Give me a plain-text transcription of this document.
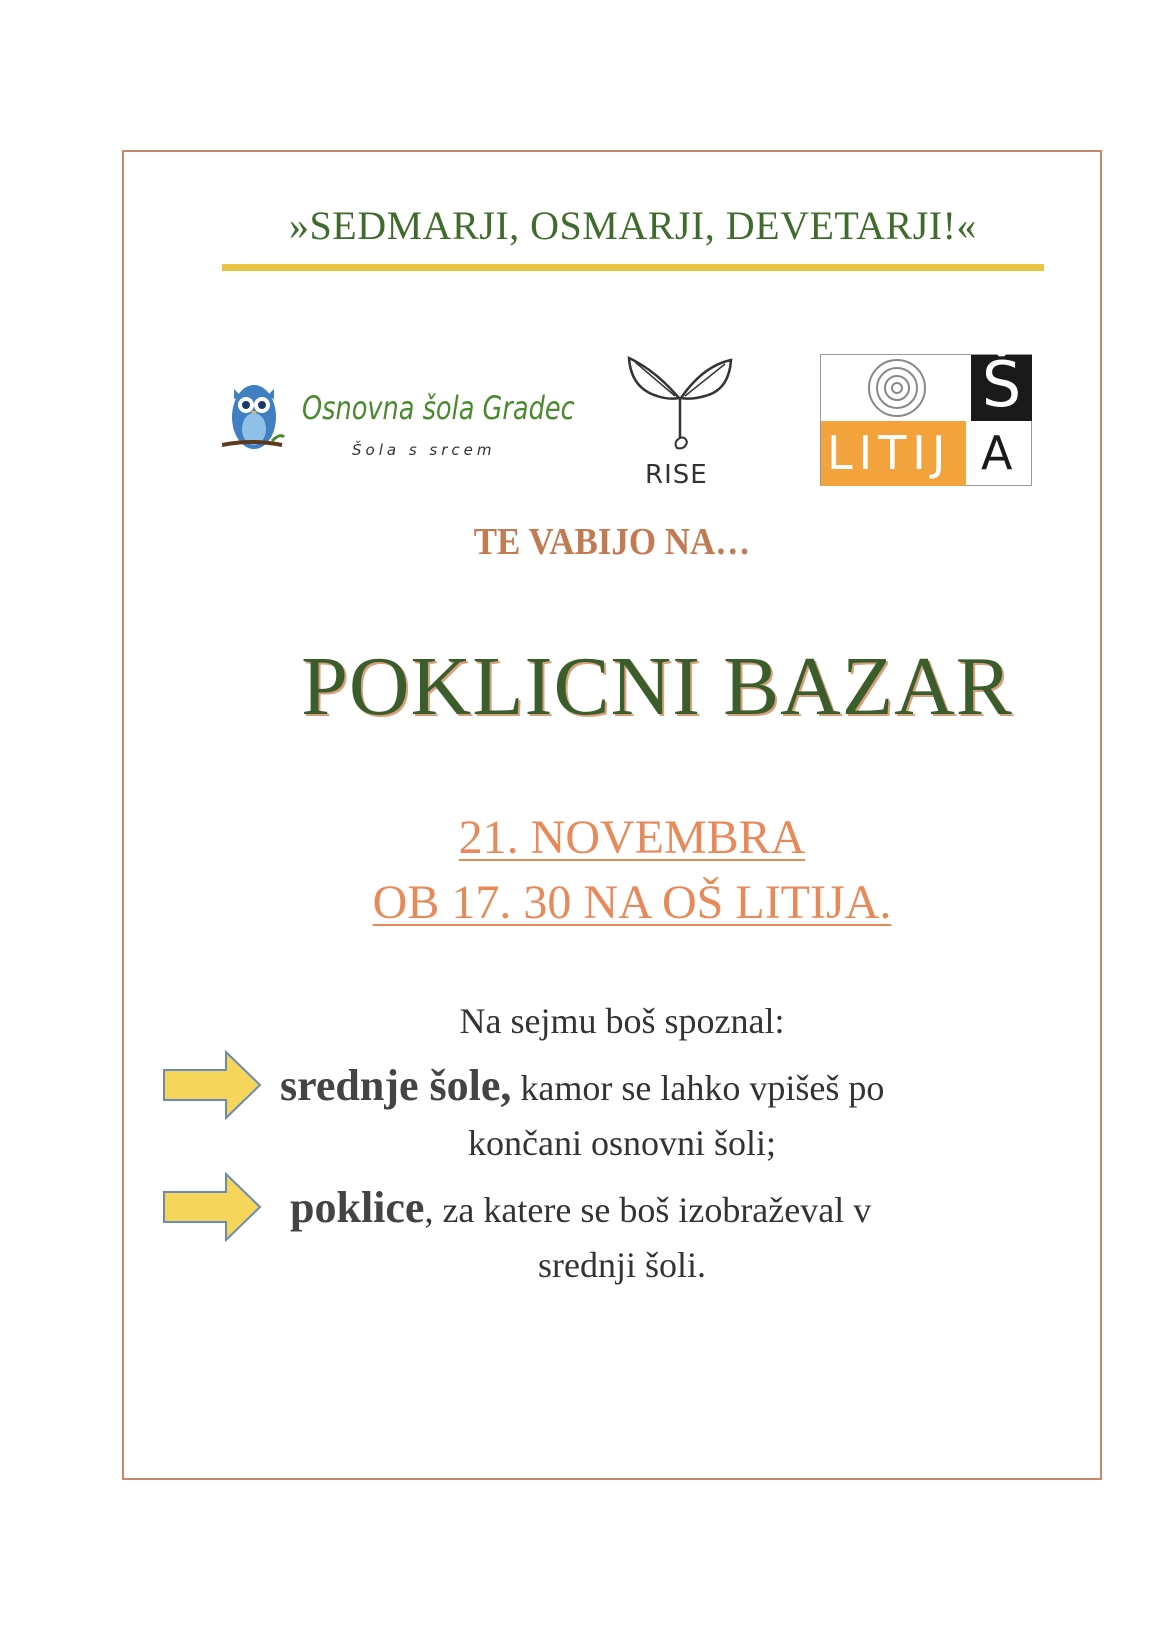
»SEDMARJI, OSMARJI, DEVETARJI!«
Osnovna šola Gradec
Šola s srcem
RISE
Š
LITIJ A
TE VABIJO NA…
POKLICNI BAZAR
21. NOVEMBRA
OB 17. 30 NA OŠ LITIJA.
Na sejmu boš spoznal:
srednje šole, kamor se lahko vpišeš po
končani osnovni šoli;
poklice, za katere se boš izobraževal v
srednji šoli.
